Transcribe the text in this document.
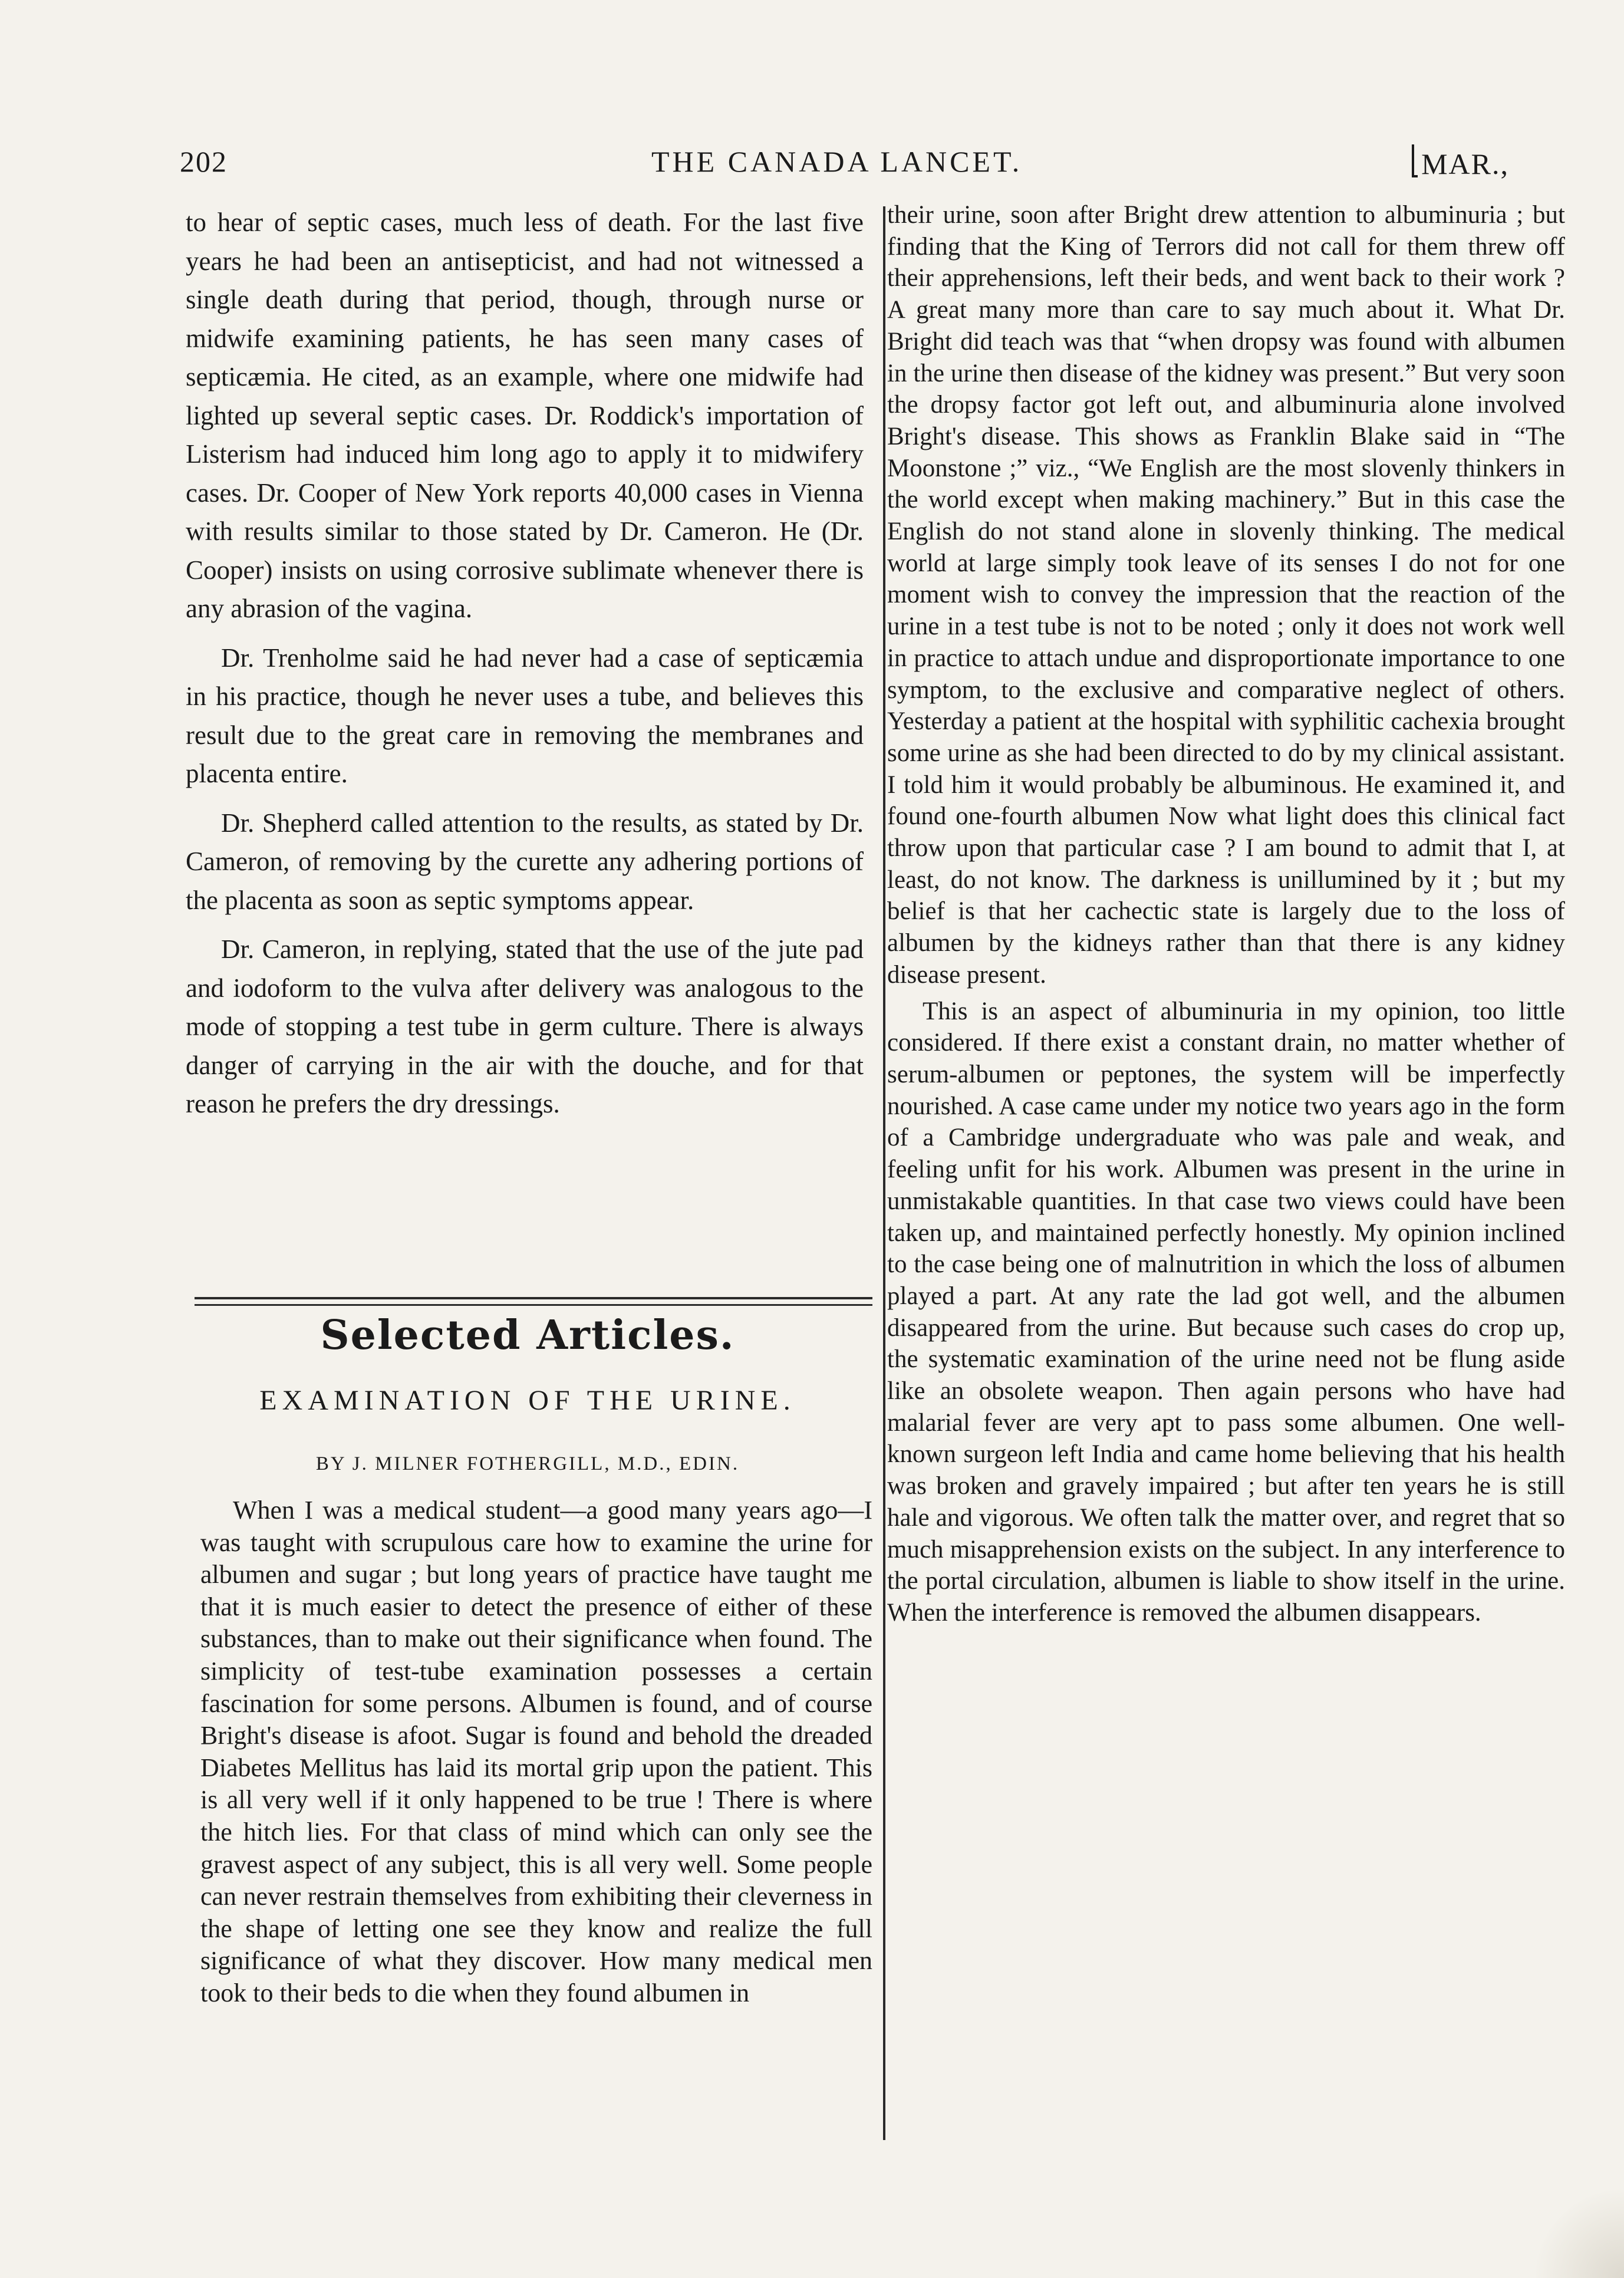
202	THE CANADA LANCET.	MAR.,

to hear of septic cases, much less of death. For the last five years he had been an antisepticist, and had not witnessed a single death during that period, though, through nurse or midwife examining patients, he has seen many cases of septicæmia. He cited, as an example, where one midwife had lighted up several septic cases. Dr. Roddick's importation of Listerism had induced him long ago to apply it to midwifery cases. Dr. Cooper of New York reports 40,000 cases in Vienna with results similar to those stated by Dr. Cameron. He (Dr. Cooper) insists on using corrosive sublimate whenever there is any abrasion of the vagina.

Dr. Trenholme said he had never had a case of septicæmia in his practice, though he never uses a tube, and believes this result due to the great care in removing the membranes and placenta entire.

Dr. Shepherd called attention to the results, as stated by Dr. Cameron, of removing by the curette any adhering portions of the placenta as soon as septic symptoms appear.

Dr. Cameron, in replying, stated that the use of the jute pad and iodoform to the vulva after delivery was analogous to the mode of stopping a test tube in germ culture. There is always danger of carrying in the air with the douche, and for that reason he prefers the dry dressings.

Selected Articles.
EXAMINATION OF THE URINE.
BY J. MILNER FOTHERGILL, M.D., EDIN.

When I was a medical student—a good many years ago—I was taught with scrupulous care how to examine the urine for albumen and sugar ; but long years of practice have taught me that it is much easier to detect the presence of either of these substances, than to make out their significance when found. The simplicity of test-tube examination possesses a certain fascination for some persons. Albumen is found, and of course Bright's disease is afoot. Sugar is found and behold the dreaded Diabetes Mellitus has laid its mortal grip upon the patient. This is all very well if it only happened to be true ! There is where the hitch lies. For that class of mind which can only see the gravest aspect of any subject, this is all very well. Some people can never restrain themselves from exhibiting their cleverness in the shape of letting one see they know and realize the full significance of what they discover. How many medical men took to their beds to die when they found albumen in

their urine, soon after Bright drew attention to albuminuria ; but finding that the King of Terrors did not call for them threw off their apprehensions, left their beds, and went back to their work ? A great many more than care to say much about it. What Dr. Bright did teach was that “when dropsy was found with albumen in the urine then disease of the kidney was present.” But very soon the dropsy factor got left out, and albuminuria alone involved Bright's disease. This shows as Franklin Blake said in “The Moonstone ;” viz., “We English are the most slovenly thinkers in the world except when making machinery.” But in this case the English do not stand alone in slovenly thinking. The medical world at large simply took leave of its senses I do not for one moment wish to convey the impression that the reaction of the urine in a test tube is not to be noted ; only it does not work well in practice to attach undue and disproportionate importance to one symptom, to the exclusive and comparative neglect of others. Yesterday a patient at the hospital with syphilitic cachexia brought some urine as she had been directed to do by my clinical assistant. I told him it would probably be albuminous. He examined it, and found one-fourth albumen Now what light does this clinical fact throw upon that particular case ? I am bound to admit that I, at least, do not know. The darkness is unillumined by it ; but my belief is that her cachectic state is largely due to the loss of albumen by the kidneys rather than that there is any kidney disease present.

This is an aspect of albuminuria in my opinion, too little considered. If there exist a constant drain, no matter whether of serum-albumen or peptones, the system will be imperfectly nourished. A case came under my notice two years ago in the form of a Cambridge undergraduate who was pale and weak, and feeling unfit for his work. Albumen was present in the urine in unmistakable quantities. In that case two views could have been taken up, and maintained perfectly honestly. My opinion inclined to the case being one of malnutrition in which the loss of albumen played a part. At any rate the lad got well, and the albumen disappeared from the urine. But because such cases do crop up, the systematic examination of the urine need not be flung aside like an obsolete weapon. Then again persons who have had malarial fever are very apt to pass some albumen. One well-known surgeon left India and came home believing that his health was broken and gravely impaired ; but after ten years he is still hale and vigorous. We often talk the matter over, and regret that so much misapprehension exists on the subject. In any interference to the portal circulation, albumen is liable to show itself in the urine. When the interference is removed the albumen disappears.
